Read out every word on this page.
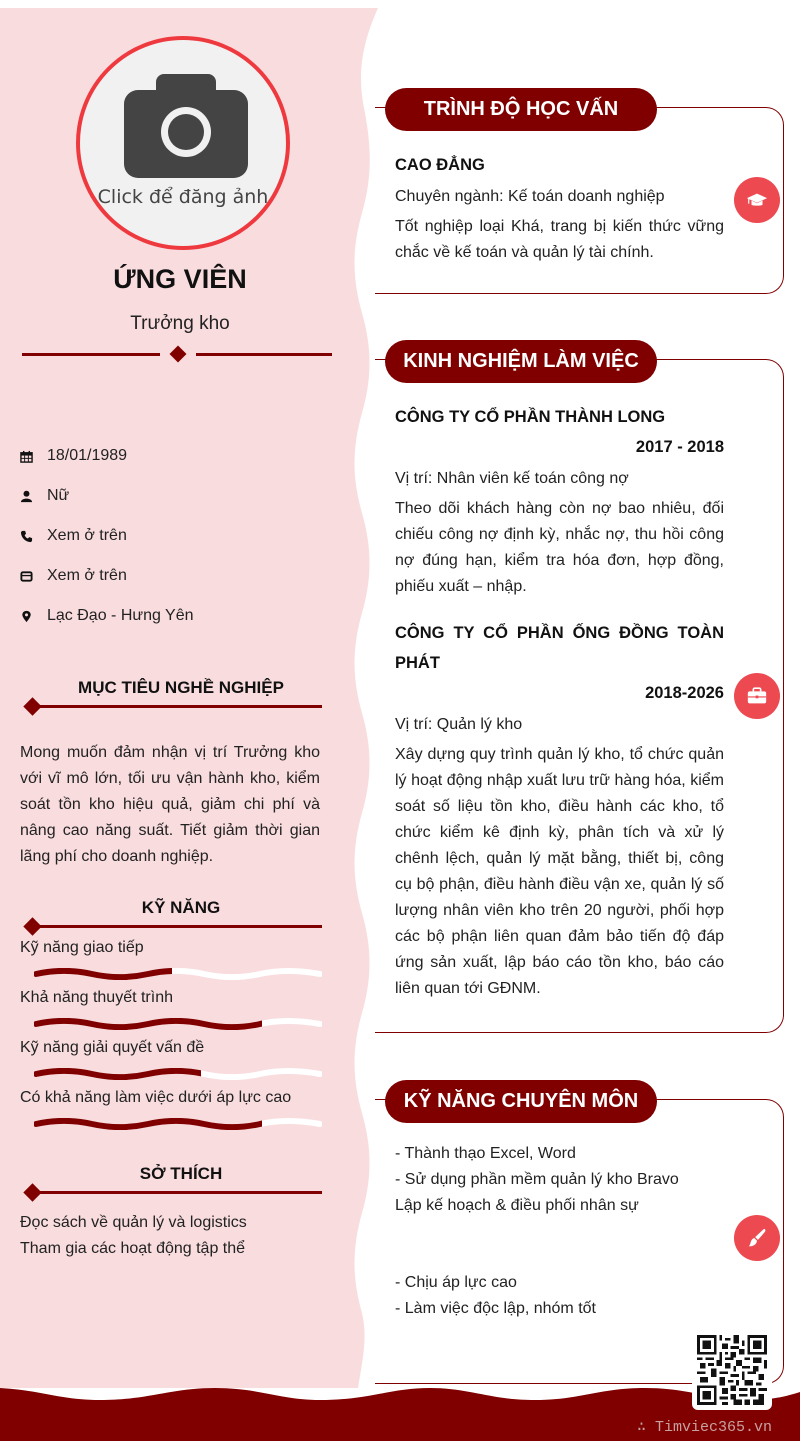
Click để đăng ảnh
ỨNG VIÊN
Trưởng kho
18/01/1989
Nữ
Xem ở trên
Xem ở trên
Lạc Đạo - Hưng Yên
MỤC TIÊU NGHỀ NGHIỆP
Mong muốn đảm nhận vị trí Trưởng kho với vĩ mô lớn, tối ưu vận hành kho, kiểm soát tồn kho hiệu quả, giảm chi phí và nâng cao năng suất. Tiết giảm thời gian lãng phí cho doanh nghiệp.
KỸ NĂNG
Kỹ năng giao tiếp
Khả năng thuyết trình
Kỹ năng giải quyết vấn đề
Có khả năng làm việc dưới áp lực cao
SỞ THÍCH
Đọc sách về quản lý và logistics
Tham gia các hoạt động tập thể
TRÌNH ĐỘ HỌC VẤN
CAO ĐẲNG
Chuyên ngành: Kế toán doanh nghiệp
Tốt nghiệp loại Khá, trang bị kiến thức vững chắc về kế toán và quản lý tài chính.
KINH NGHIỆM LÀM VIỆC
CÔNG TY CỔ PHẦN THÀNH LONG
2017 - 2018
Vị trí: Nhân viên kế toán công nợ
Theo dõi khách hàng còn nợ bao nhiêu, đối chiếu công nợ định kỳ, nhắc nợ, thu hồi công nợ đúng hạn, kiểm tra hóa đơn, hợp đồng, phiếu xuất – nhập.
CÔNG TY CỔ PHẦN ỐNG ĐỒNG TOÀN
PHÁT
2018-2026
Vị trí: Quản lý kho
Xây dựng quy trình quản lý kho, tổ chức quản lý hoạt động nhập xuất lưu trữ hàng hóa, kiểm soát số liệu tồn kho, điều hành các kho, tổ chức kiểm kê định kỳ, phân tích và xử lý chênh lệch, quản lý mặt bằng, thiết bị, công cụ bộ phận, điều hành điều vận xe, quản lý số lượng nhân viên kho trên 20 người, phối hợp các bộ phận liên quan đảm bảo tiến độ đáp ứng sản xuất, lập báo cáo tồn kho, báo cáo liên quan tới GĐNM.
KỸ NĂNG CHUYÊN MÔN
- Thành thạo Excel, Word
- Sử dụng phần mềm quản lý kho Bravo
Lập kế hoạch & điều phối nhân sự
- Chịu áp lực cao
- Làm việc độc lập, nhóm tốt
∴ Timviec365.vn
